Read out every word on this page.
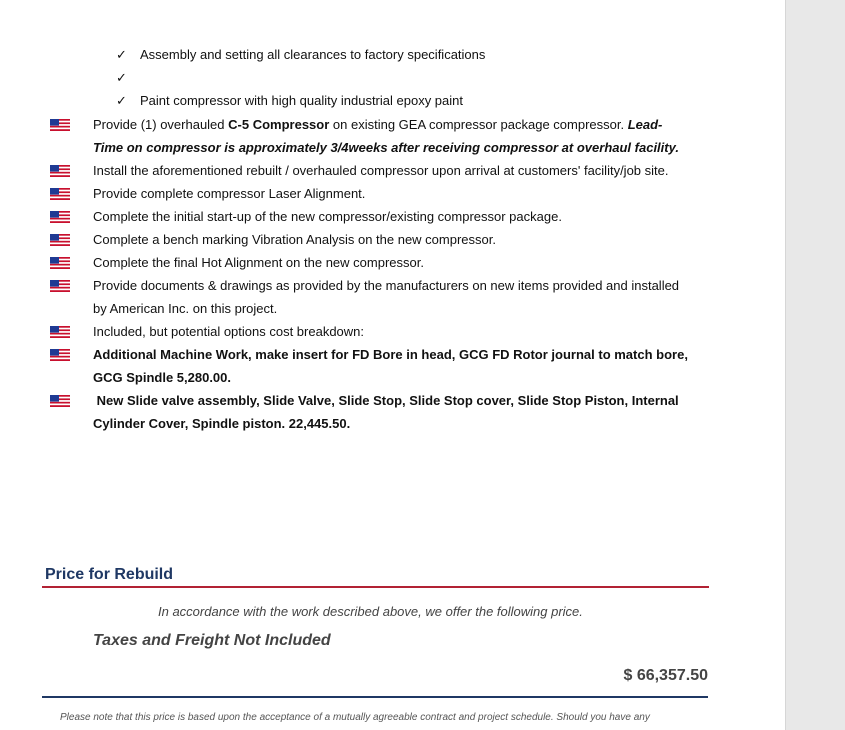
✓ Assembly and setting all clearances to factory specifications
✓
✓ Paint compressor with high quality industrial epoxy paint
Provide (1) overhauled C-5 Compressor on existing GEA compressor package compressor. Lead-
Time on compressor is approximately 3/4weeks after receiving compressor at overhaul facility.
Install the aforementioned rebuilt / overhauled compressor upon arrival at customers' facility/job site.
Provide complete compressor Laser Alignment.
Complete the initial start-up of the new compressor/existing compressor package.
Complete a bench marking Vibration Analysis on the new compressor.
Complete the final Hot Alignment on the new compressor.
Provide documents & drawings as provided by the manufacturers on new items provided and installed
by American Inc. on this project.
Included, but potential options cost breakdown:
Additional Machine Work, make insert for FD Bore in head, GCG FD Rotor journal to match bore,
GCG Spindle 5,280.00.
New Slide valve assembly, Slide Valve, Slide Stop, Slide Stop cover, Slide Stop Piston, Internal
Cylinder Cover, Spindle piston. 22,445.50.
Price for Rebuild
In accordance with the work described above, we offer the following price.
Taxes and Freight Not Included
$ 66,357.50
Please note that this price is based upon the acceptance of a mutually agreeable contract and project schedule. Should you have any
